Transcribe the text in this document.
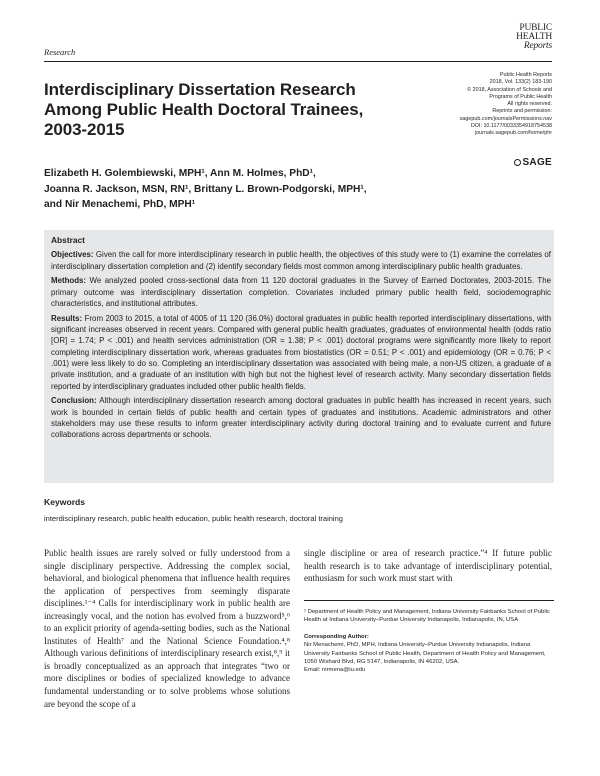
Research
PUBLIC
HEALTH
Reports
Public Health Reports
2018, Vol. 133(2) 183-190
© 2018, Association of Schools and
Programs of Public Health
All rights reserved.
Reprints and permission:
sagepub.com/journalsPermissions.nav
DOI: 10.1177/0033354918754538
journals.sagepub.com/home/phr
SAGE
Interdisciplinary Dissertation Research Among Public Health Doctoral Trainees, 2003-2015
Elizabeth H. Golembiewski, MPH¹, Ann M. Holmes, PhD¹,
Joanna R. Jackson, MSN, RN¹, Brittany L. Brown-Podgorski, MPH¹,
and Nir Menachemi, PhD, MPH¹
Abstract

Objectives: Given the call for more interdisciplinary research in public health, the objectives of this study were to (1) examine the correlates of interdisciplinary dissertation completion and (2) identify secondary fields most common among interdisciplinary public health graduates.

Methods: We analyzed pooled cross-sectional data from 11 120 doctoral graduates in the Survey of Earned Doctorates, 2003-2015. The primary outcome was interdisciplinary dissertation completion. Covariates included primary public health field, sociodemographic characteristics, and institutional attributes.

Results: From 2003 to 2015, a total of 4005 of 11 120 (36.0%) doctoral graduates in public health reported interdisciplinary dissertations, with significant increases observed in recent years. Compared with general public health graduates, graduates of environmental health (odds ratio [OR] = 1.74; P < .001) and health services administration (OR = 1.38; P < .001) doctoral programs were significantly more likely to report completing interdisciplinary dissertation work, whereas graduates from biostatistics (OR = 0.51; P < .001) and epidemiology (OR = 0.76; P < .001) were less likely to do so. Completing an interdisciplinary dissertation was associated with being male, a non-US citizen, a graduate of a private institution, and a graduate of an institution with high but not the highest level of research activity. Many secondary dissertation fields reported by interdisciplinary graduates included other public health fields.

Conclusion: Although interdisciplinary dissertation research among doctoral graduates in public health has increased in recent years, such work is bounded in certain fields of public health and certain types of graduates and institutions. Academic administrators and other stakeholders may use these results to inform greater interdisciplinary activity during doctoral training and to evaluate current and future collaborations across departments or schools.

Keywords
interdisciplinary research, public health education, public health research, doctoral training
Public health issues are rarely solved or fully understood from a single disciplinary perspective. Addressing the complex social, behavioral, and biological phenomena that influence health requires the application of perspectives from seemingly disparate disciplines.¹⁻⁴ Calls for interdisciplinary work in public health are increasingly vocal, and the notion has evolved from a buzzword⁵,⁶ to an explicit priority of agenda-setting bodies, such as the National Institutes of Health⁷ and the National Science Foundation.⁴,⁸ Although various definitions of interdisciplinary research exist,⁸,⁹ it is broadly conceptualized as an approach that integrates “two or more disciplines or bodies of specialized knowledge to advance fundamental understanding or to solve problems whose solutions are beyond the scope of a
single discipline or area of research practice.”⁴ If future public health research is to take advantage of interdisciplinary potential, enthusiasm for such work must start with

¹ Department of Health Policy and Management, Indiana University Fairbanks School of Public Health at Indiana University–Purdue University Indianapolis, Indianapolis, IN, USA

Corresponding Author:
Nir Menachemi, PhD, MPH, Indiana University–Purdue University Indianapolis, Indiana University Fairbanks School of Public Health, Department of Health Policy and Management, 1050 Wishard Blvd, RG 5147, Indianapolis, IN 46202, USA.
Email: nirmena@iu.edu
